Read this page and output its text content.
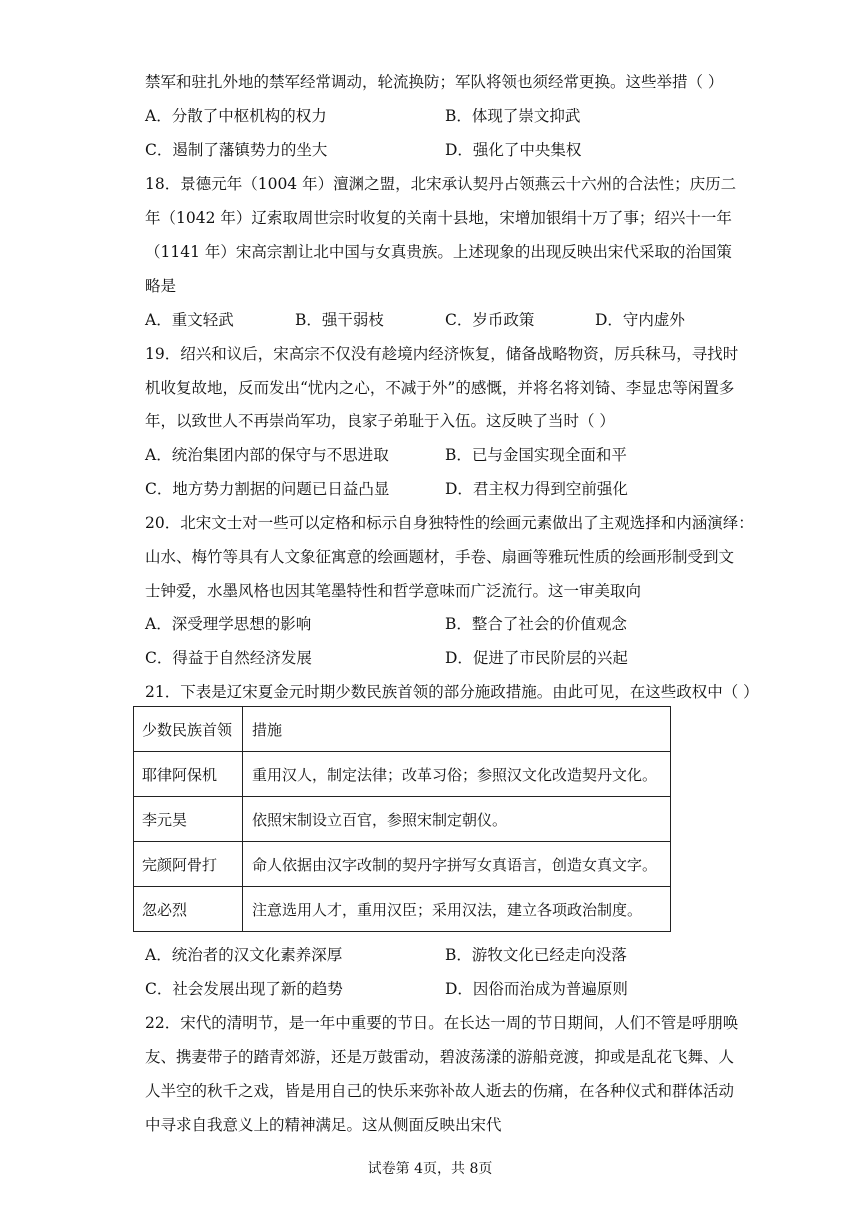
禁军和驻扎外地的禁军经常调动，轮流换防；军队将领也须经常更换。这些举措（ ）
A．分散了中枢机构的权力	B．体现了崇文抑武
C．遏制了藩镇势力的坐大	D．强化了中央集权
18．景德元年（1004 年）澶渊之盟，北宋承认契丹占领燕云十六州的合法性；庆历二
年（1042 年）辽索取周世宗时收复的关南十县地，宋增加银绢十万了事；绍兴十一年
（1141 年）宋高宗割让北中国与女真贵族。上述现象的出现反映出宋代采取的治国策
略是
A．重文轻武	B．强干弱枝	C．岁币政策	D．守内虚外
19．绍兴和议后，宋高宗不仅没有趁境内经济恢复，储备战略物资，厉兵秣马，寻找时
机收复故地，反而发出“忧内之心，不减于外”的感慨，并将名将刘锜、李显忠等闲置多
年，以致世人不再崇尚军功，良家子弟耻于入伍。这反映了当时（ ）
A．统治集团内部的保守与不思进取	B．已与金国实现全面和平
C．地方势力割据的问题已日益凸显	D．君主权力得到空前强化
20．北宋文士对一些可以定格和标示自身独特性的绘画元素做出了主观选择和内涵演绎：
山水、梅竹等具有人文象征寓意的绘画题材，手卷、扇画等雅玩性质的绘画形制受到文
士钟爱，水墨风格也因其笔墨特性和哲学意味而广泛流行。这一审美取向
A．深受理学思想的影响	B．整合了社会的价值观念
C．得益于自然经济发展	D．促进了市民阶层的兴起
21．下表是辽宋夏金元时期少数民族首领的部分施政措施。由此可见，在这些政权中（ ）
少数民族首领	措施
耶律阿保机	重用汉人，制定法律；改革习俗；参照汉文化改造契丹文化。
李元昊	依照宋制设立百官，参照宋制定朝仪。
完颜阿骨打	命人依据由汉字改制的契丹字拼写女真语言，创造女真文字。
忽必烈	注意选用人才，重用汉臣；采用汉法，建立各项政治制度。
A．统治者的汉文化素养深厚	B．游牧文化已经走向没落
C．社会发展出现了新的趋势	D．因俗而治成为普遍原则
22．宋代的清明节，是一年中重要的节日。在长达一周的节日期间，人们不管是呼朋唤
友、携妻带子的踏青郊游，还是万鼓雷动，碧波荡漾的游船竞渡，抑或是乱花飞舞、人
人半空的秋千之戏，皆是用自己的快乐来弥补故人逝去的伤痛，在各种仪式和群体活动
中寻求自我意义上的精神满足。这从侧面反映出宋代
试卷第 4页，共 8页
